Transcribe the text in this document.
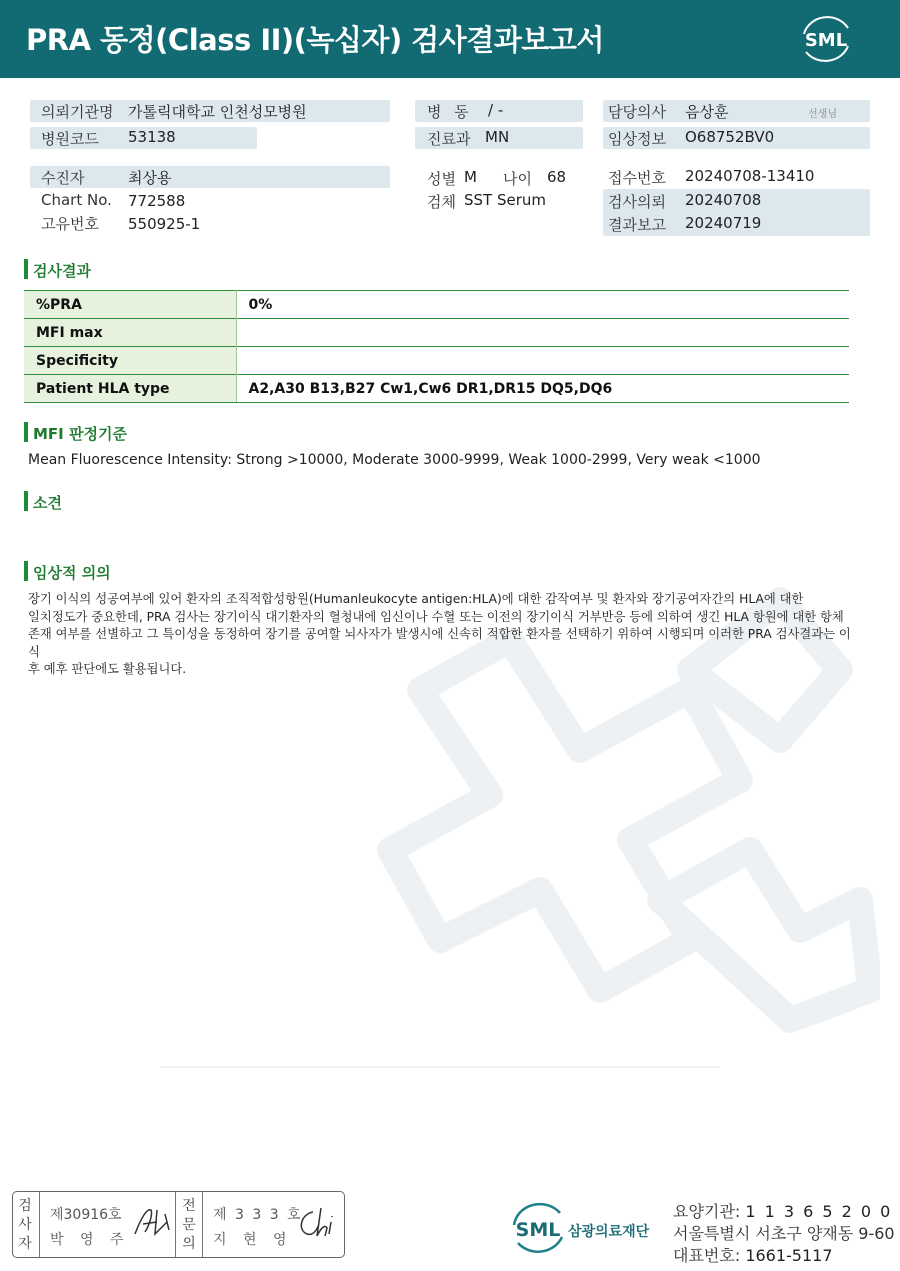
PRA 동정(Class II)(녹십자) 검사결과보고서	SML
의뢰기관명 가톨릭대학교 인천성모병원
병원코드 53138
병 동 / -
진료과 MN
담당의사 음상훈	선생님
임상정보 O68752BV0
수진자	최상용
Chart No. 772588
고유번호 550925-1
성별 M 나이 68
검체 SST Serum
접수번호 20240708-13410
검사의뢰 20240708
결과보고 20240719
검사결과
%PRA	0%
MFI max	
Specificity	
Patient HLA type	A2,A30 B13,B27 Cw1,Cw6 DR1,DR15 DQ5,DQ6
MFI 판정기준
Mean Fluorescence Intensity: Strong >10000, Moderate 3000-9999, Weak 1000-2999, Very weak <1000
소견
임상적 의의
장기 이식의 성공여부에 있어 환자의 조직적합성항원(Humanleukocyte antigen:HLA)에 대한 감작여부 및 환자와 장기공여자간의 HLA에 대한
일치정도가 중요한데, PRA 검사는 장기이식 대기환자의 혈청내에 임신이나 수혈 또는 이전의 장기이식 거부반응 등에 의하여 생긴 HLA 항원에 대한 항체
존재 여부를 선별하고 그 특이성을 동정하여 장기를 공여할 뇌사자가 발생시에 신속히 적합한 환자를 선택하기 위하여 시행되며 이러한 PRA 검사결과는 이식
후 예후 판단에도 활용됩니다.
검
사
자
제30916호
박 영 주
전
문
의
제 3 3 3 호
지 현 영	SML 삼광의료재단
요양기관: 1 1 3 6 5 2 0 0
서울특별시 서초구 양재동 9-60
대표번호: 1661-5117
